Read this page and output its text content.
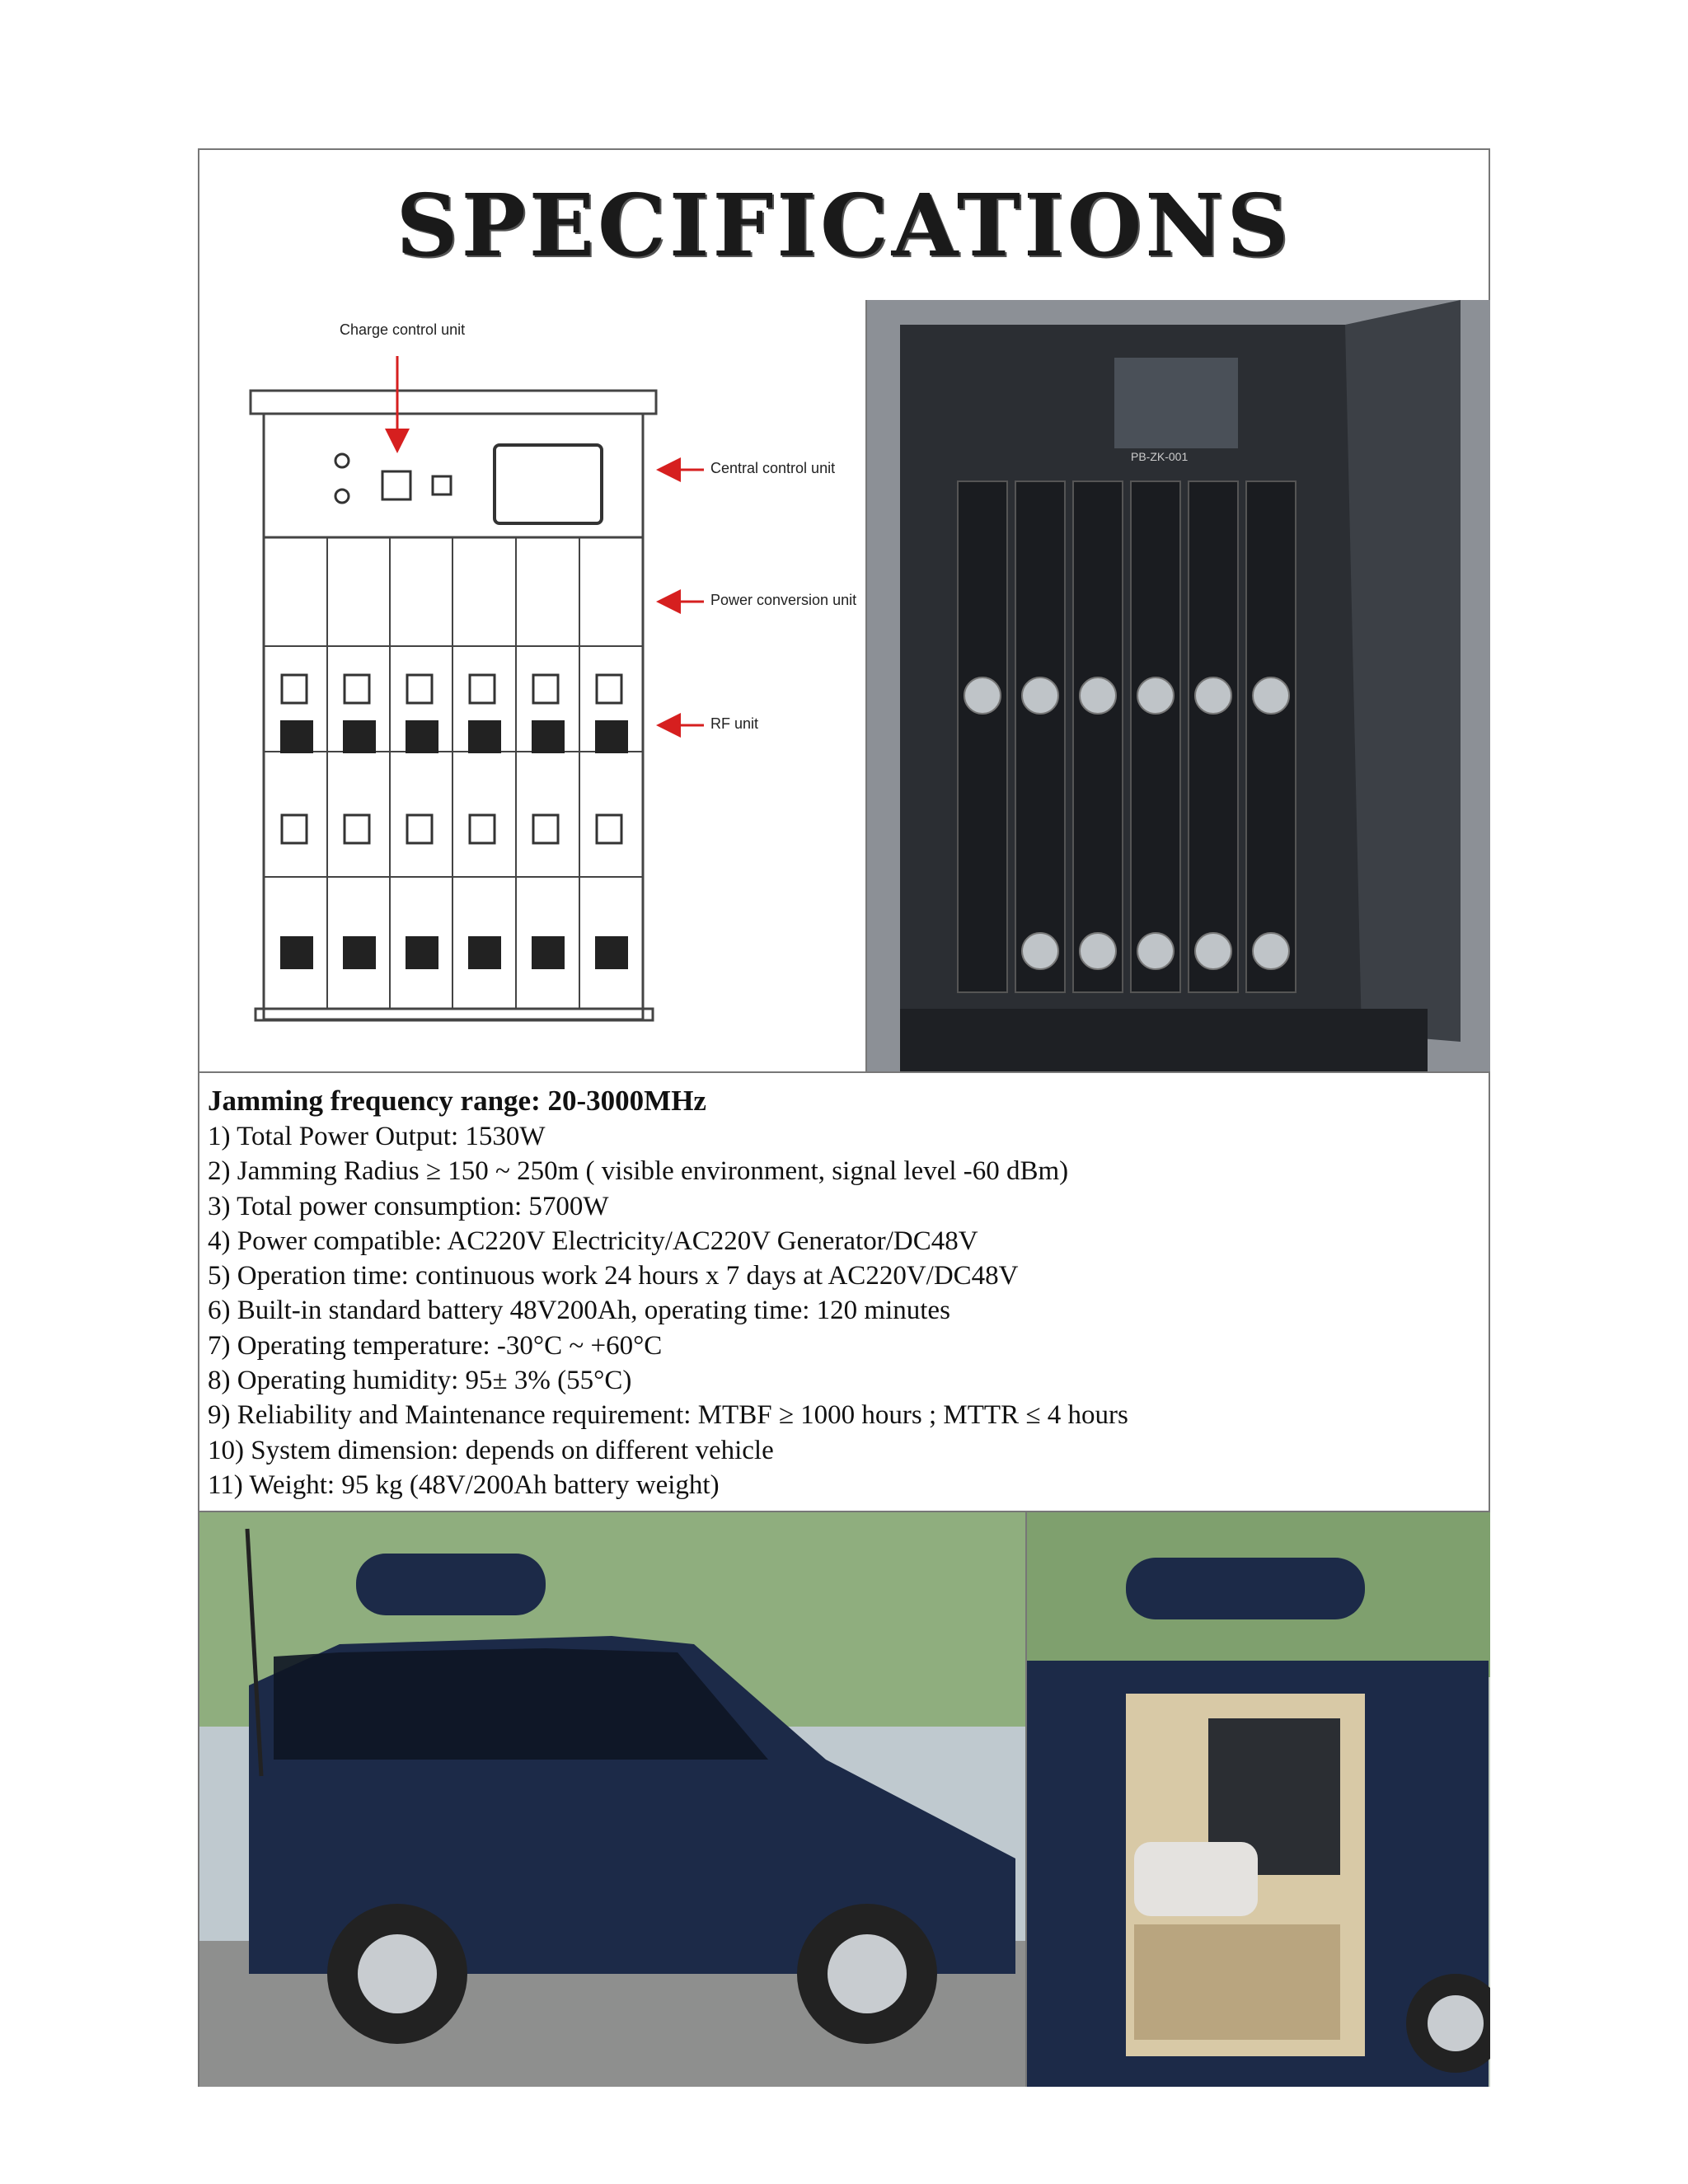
SPECIFICATIONS
Charge control unit
Central control unit
Power conversion unit
RF unit
PB-ZK-001
Jamming frequency range: 20-3000MHz
1) Total Power Output: 1530W
2) Jamming Radius ≥ 150 ~ 250m ( visible environment, signal level -60 dBm)
3) Total power consumption: 5700W
4) Power compatible: AC220V Electricity/AC220V Generator/DC48V
5) Operation time: continuous work 24 hours x 7 days at AC220V/DC48V
6) Built-in standard battery 48V200Ah, operating time: 120 minutes
7) Operating temperature: -30°C ~ +60°C
8) Operating humidity: 95± 3% (55°C)
9) Reliability and Maintenance requirement: MTBF ≥ 1000 hours ; MTTR ≤ 4 hours
10) System dimension: depends on different vehicle
11) Weight: 95 kg (48V/200Ah battery weight)
